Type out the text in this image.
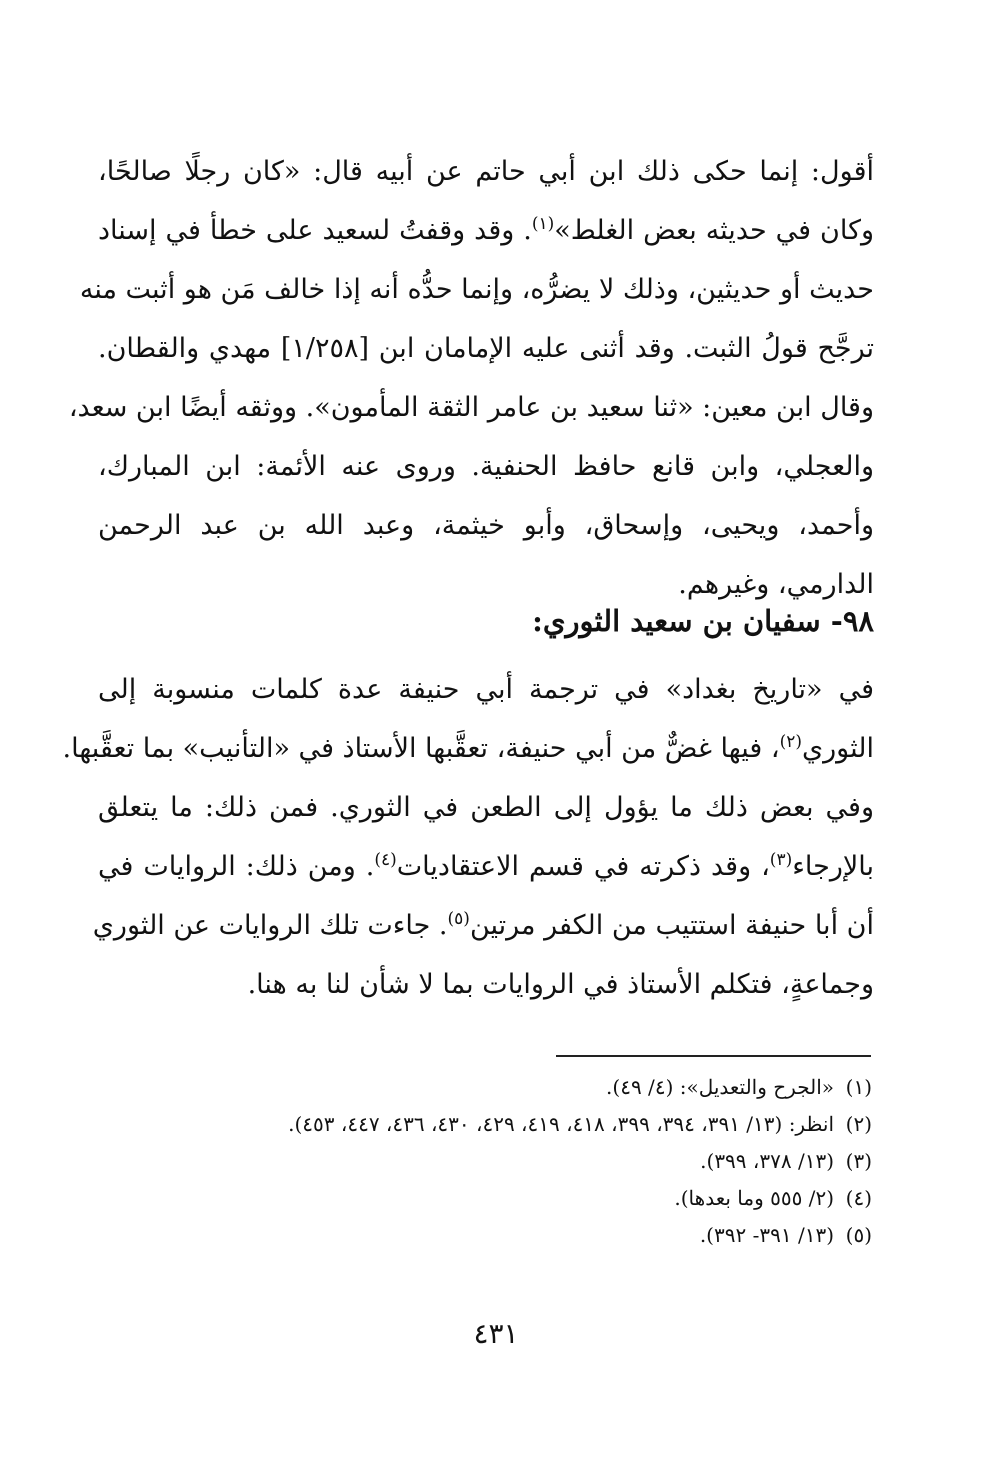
أقول: إنما حكى ذلك ابن أبي حاتم عن أبيه قال: «كان رجلًا صالحًا،
وكان في حديثه بعض الغلط»$^{(١)}$. وقد وقفتُ لسعيد على خطأ في إسناد
حديث أو حديثين، وذلك لا يضرُّه، وإنما حدُّه أنه إذا خالف مَن هو أثبت منه
ترجَّح قولُ الثبت. وقد أثنى عليه الإمامان ابن [١/٢٥٨] مهدي والقطان.
وقال ابن معين: «ثنا سعيد بن عامر الثقة المأمون». ووثقه أيضًا ابن سعد،
والعجلي، وابن قانع حافظ الحنفية. وروى عنه الأئمة: ابن المبارك،
وأحمد، ويحيى، وإسحاق، وأبو خيثمة، وعبد الله بن عبد الرحمن
الدارمي، وغيرهم.
٩٨- سفيان بن سعيد الثوري:
في «تاريخ بغداد» في ترجمة أبي حنيفة عدة كلمات منسوبة إلى
الثوري$^{(٢)}$، فيها غضٌّ من أبي حنيفة، تعقَّبها الأستاذ في «التأنيب» بما تعقَّبها.
وفي بعض ذلك ما يؤول إلى الطعن في الثوري. فمن ذلك: ما يتعلق
بالإرجاء$^{(٣)}$، وقد ذكرته في قسم الاعتقاديات$^{(٤)}$. ومن ذلك: الروايات في
أن أبا حنيفة استتيب من الكفر مرتين$^{(٥)}$. جاءت تلك الروايات عن الثوري
وجماعةٍ، فتكلم الأستاذ في الروايات بما لا شأن لنا به هنا.
(١)«الجرح والتعديل»: (٤/ ٤٩).
(٢)انظر: (١٣/ ٣٩١، ٣٩٤، ٣٩٩، ٤١٨، ٤١٩، ٤٢٩، ٤٣٠، ٤٣٦، ٤٤٧، ٤٥٣).
(٣)(١٣/ ٣٧٨، ٣٩٩).
(٤)(٢/ ٥٥٥ وما بعدها).
(٥)(١٣/ ٣٩١- ٣٩٢).
٤٣١
